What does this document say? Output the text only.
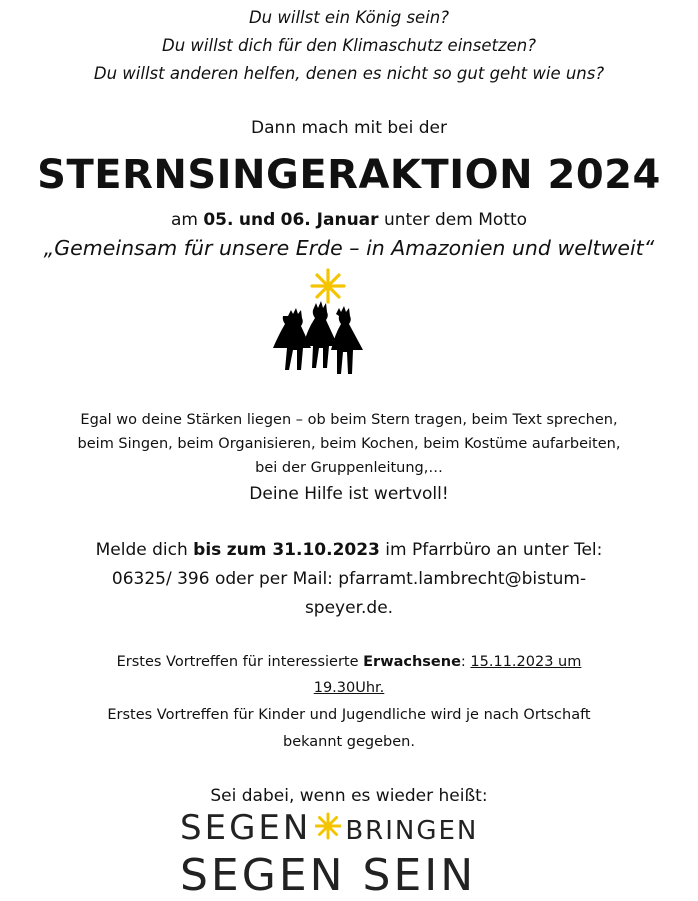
Du willst ein König sein?
Du willst dich für den Klimaschutz einsetzen?
Du willst anderen helfen, denen es nicht so gut geht wie uns?
Dann mach mit bei der
STERNSINGERAKTION 2024
am 05. und 06. Januar unter dem Motto
„Gemeinsam für unsere Erde – in Amazonien und weltweit“
Egal wo deine Stärken liegen – ob beim Stern tragen, beim Text sprechen,
beim Singen, beim Organisieren, beim Kochen, beim Kostüme aufarbeiten,
bei der Gruppenleitung,…
Deine Hilfe ist wertvoll!
Melde dich bis zum 31.10.2023 im Pfarrbüro an unter Tel:
06325/ 396 oder per Mail: pfarramt.lambrecht@bistum-
speyer.de.
Erstes Vortreffen für interessierte Erwachsene: 15.11.2023 um
19.30Uhr.
Erstes Vortreffen für Kinder und Jugendliche wird je nach Ortschaft
bekannt gegeben.
Sei dabei, wenn es wieder heißt:
SEGEN BRINGEN
SEGEN SEIN
